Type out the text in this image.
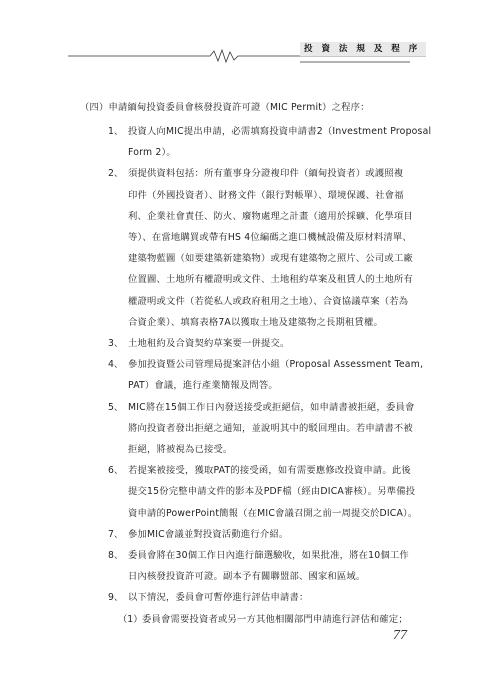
投 資 法 規 及 程 序
（四）申請緬甸投資委員會核發投資許可證（MIC Permit）之程序：
1、 投資人向MIC提出申請，必需填寫投資申請書2（Investment Proposal
Form 2）。
2、 須提供資料包括：所有董事身分證複印件（緬甸投資者）或護照複
印件（外國投資者）、財務文件（銀行對帳單）、環境保護、社會福
利、企業社會責任、防火、廢物處理之計畫（適用於採礦、化學項目
等）、在當地購買或帶有HS 4位編碼之進口機械設備及原材料清單、
建築物藍圖（如要建築新建築物）或現有建築物之照片、公司或工廠
位置圖、土地所有權證明或文件、土地租約草案及租賃人的土地所有
權證明或文件（若從私人或政府租用之土地）、合資協議草案（若為
合資企業）、填寫表格7A以獲取土地及建築物之長期租賃權。
3、 土地租約及合資契約草案要一併提交。
4、 參加投資暨公司管理局提案評估小組（Proposal Assessment Team,
PAT）會議，進行產業簡報及問答。
5、 MIC將在15個工作日內發送接受或拒絕信，如申請書被拒絕，委員會
將向投資者發出拒絕之通知，並說明其中的駁回理由。若申請書不被
拒絕，將被視為已接受。
6、 若提案被接受，獲取PAT的接受函，如有需要應修改投資申請。此後
提交15份完整申請文件的影本及PDF檔（經由DICA審核）。另準備投
資申請的PowerPoint簡報（在MIC會議召開之前一周提交於DICA）。
7、 參加MIC會議並對投資活動進行介紹。
8、 委員會將在30個工作日內進行篩選驗收，如果批准，將在10個工作
日內核發投資許可證。副本予有關聯盟部、國家和區域。
9、 以下情況，委員會可暫停進行評估申請書：
（1） 委員會需要投資者或另一方其他相關部門申請進行評估和確定；
77
